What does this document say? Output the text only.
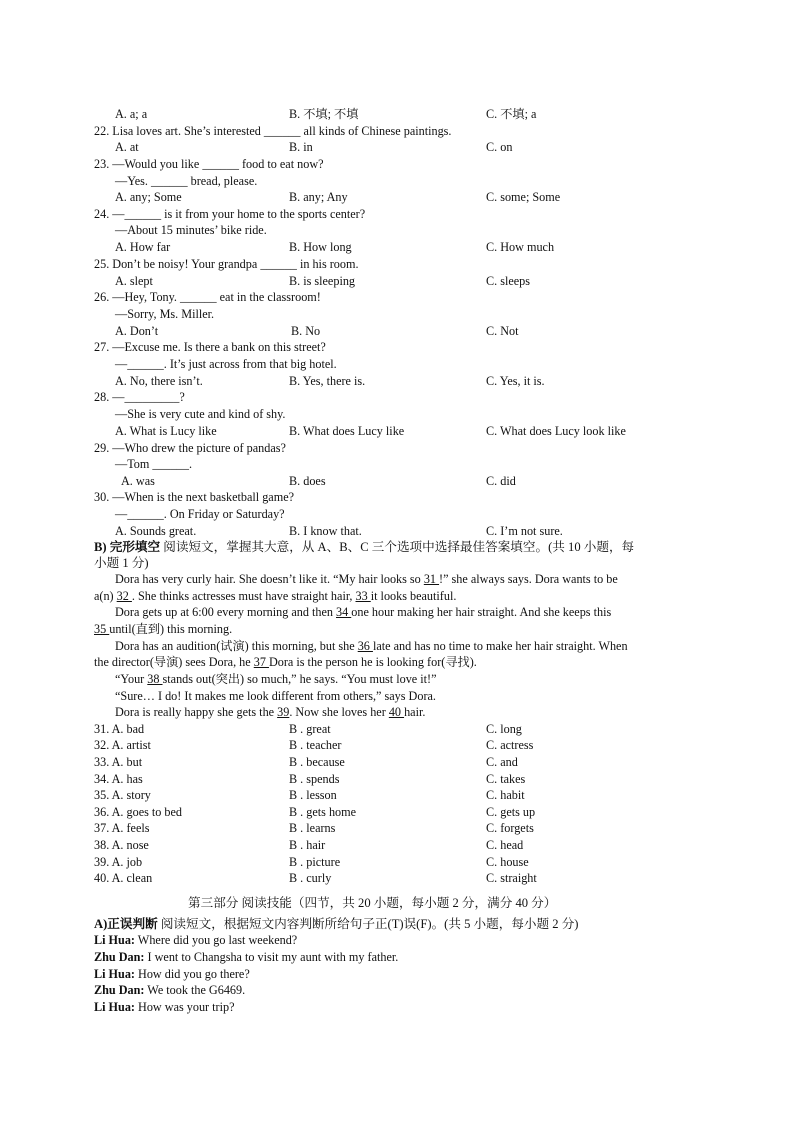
A. a; a	B. 不填; 不填	C. 不填; a
22. Lisa loves art. She’s interested ______ all kinds of Chinese paintings.
A. at	B. in	C. on
23. —Would you like ______ food to eat now?
—Yes. ______ bread, please.
A. any; Some	B. any; Any	C. some; Some
24. —______ is it from your home to the sports center?
—About 15 minutes’ bike ride.
A. How far	B. How long	C. How much
25. Don’t be noisy! Your grandpa ______ in his room.
A. slept	B. is sleeping	C. sleeps
26. —Hey, Tony. ______ eat in the classroom!
—Sorry, Ms. Miller.
A. Don’t	B. No	C. Not
27. —Excuse me. Is there a bank on this street?
—______. It’s just across from that big hotel.
A. No, there isn’t.	B. Yes, there is.	C. Yes, it is.
28. —_________?
—She is very cute and kind of shy.
A. What is Lucy like	B. What does Lucy like	C. What does Lucy look like
29. —Who drew the picture of pandas?
—Tom ______.
A. was	B. does	C. did
30. —When is the next basketball game?
—______. On Friday or Saturday?
A. Sounds great.	B. I know that.	C. I’m not sure.
B) 完形填空 阅读短文，掌握其大意，从 A、B、C 三个选项中选择最佳答案填空。(共 10 小题，每
小题 1 分)
Dora has very curly hair. She doesn’t like it. “My hair looks so 31 !” she always says. Dora wants to be
a(n) 32 . She thinks actresses must have straight hair, 33 it looks beautiful.
Dora gets up at 6:00 every morning and then 34 one hour making her hair straight. And she keeps this
35 until(直到) this morning.
Dora has an audition(试演) this morning, but she 36 late and has no time to make her hair straight. When
the director(导演) sees Dora, he 37 Dora is the person he is looking for(寻找).
“Your 38 stands out(突出) so much,” he says. “You must love it!”
“Sure… I do! It makes me look different from others,” says Dora.
Dora is really happy she gets the 39. Now she loves her 40 hair.
31. A. bad	B . great	C. long
32. A. artist	B . teacher	C. actress
33. A. but	B . because	C. and
34. A. has	B . spends	C. takes
35. A. story	B . lesson	C. habit
36. A. goes to bed	B . gets home	C. gets up
37. A. feels	B . learns	C. forgets
38. A. nose	B . hair	C. head
39. A. job	B . picture	C. house
40. A. clean	B . curly	C. straight
第三部分 阅读技能（四节，共 20 小题，每小题 2 分，满分 40 分）
A)正误判断 阅读短文，根据短文内容判断所给句子正(T)误(F)。(共 5 小题，每小题 2 分)
Li Hua: Where did you go last weekend?
Zhu Dan: I went to Changsha to visit my aunt with my father.
Li Hua: How did you go there?
Zhu Dan: We took the G6469.
Li Hua: How was your trip?
